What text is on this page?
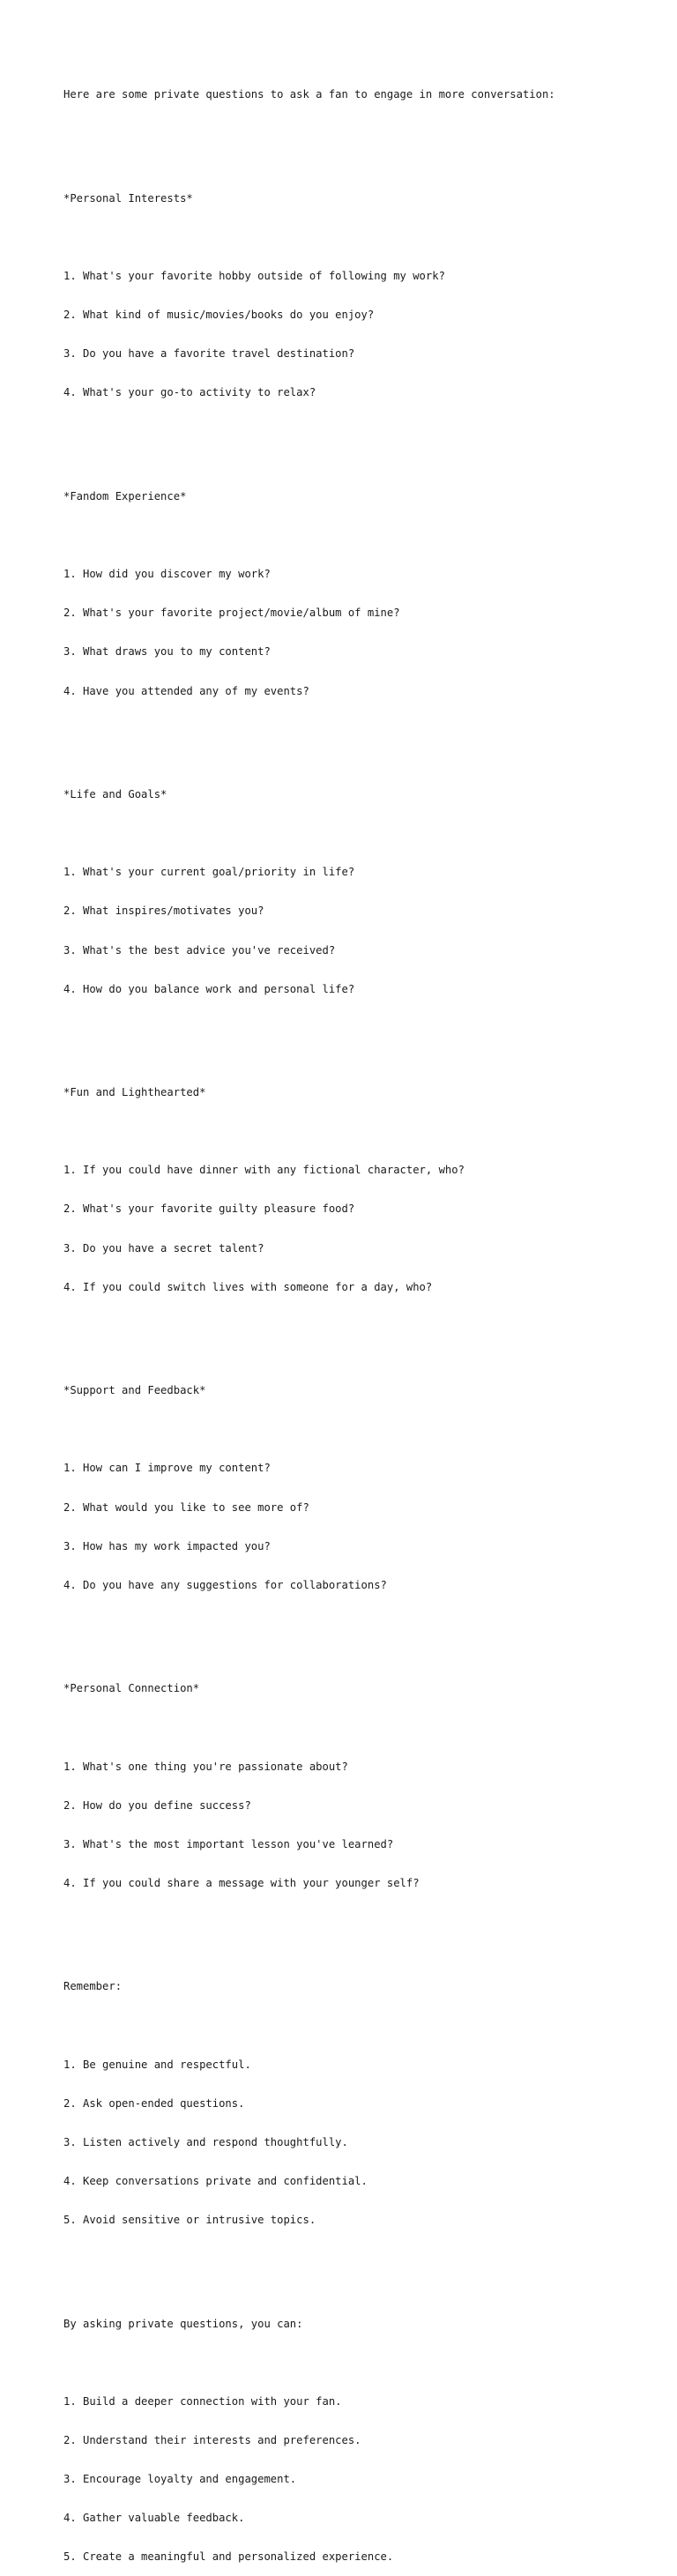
Here are some private questions to ask a fan to engage in more conversation:

*Personal Interests*

1. What's your favorite hobby outside of following my work?

2. What kind of music/movies/books do you enjoy?

3. Do you have a favorite travel destination?

4. What's your go-to activity to relax?

*Fandom Experience*

1. How did you discover my work?

2. What's your favorite project/movie/album of mine?

3. What draws you to my content?

4. Have you attended any of my events?

*Life and Goals*

1. What's your current goal/priority in life?

2. What inspires/motivates you?

3. What's the best advice you've received?

4. How do you balance work and personal life?

*Fun and Lighthearted*

1. If you could have dinner with any fictional character, who?

2. What's your favorite guilty pleasure food?

3. Do you have a secret talent?

4. If you could switch lives with someone for a day, who?

*Support and Feedback*

1. How can I improve my content?

2. What would you like to see more of?

3. How has my work impacted you?

4. Do you have any suggestions for collaborations?

*Personal Connection*

1. What's one thing you're passionate about?

2. How do you define success?

3. What's the most important lesson you've learned?

4. If you could share a message with your younger self?

Remember:

1. Be genuine and respectful.

2. Ask open-ended questions.

3. Listen actively and respond thoughtfully.

4. Keep conversations private and confidential.

5. Avoid sensitive or intrusive topics.

By asking private questions, you can:

1. Build a deeper connection with your fan.

2. Understand their interests and preferences.

3. Encourage loyalty and engagement.

4. Gather valuable feedback.

5. Create a meaningful and personalized experience.
